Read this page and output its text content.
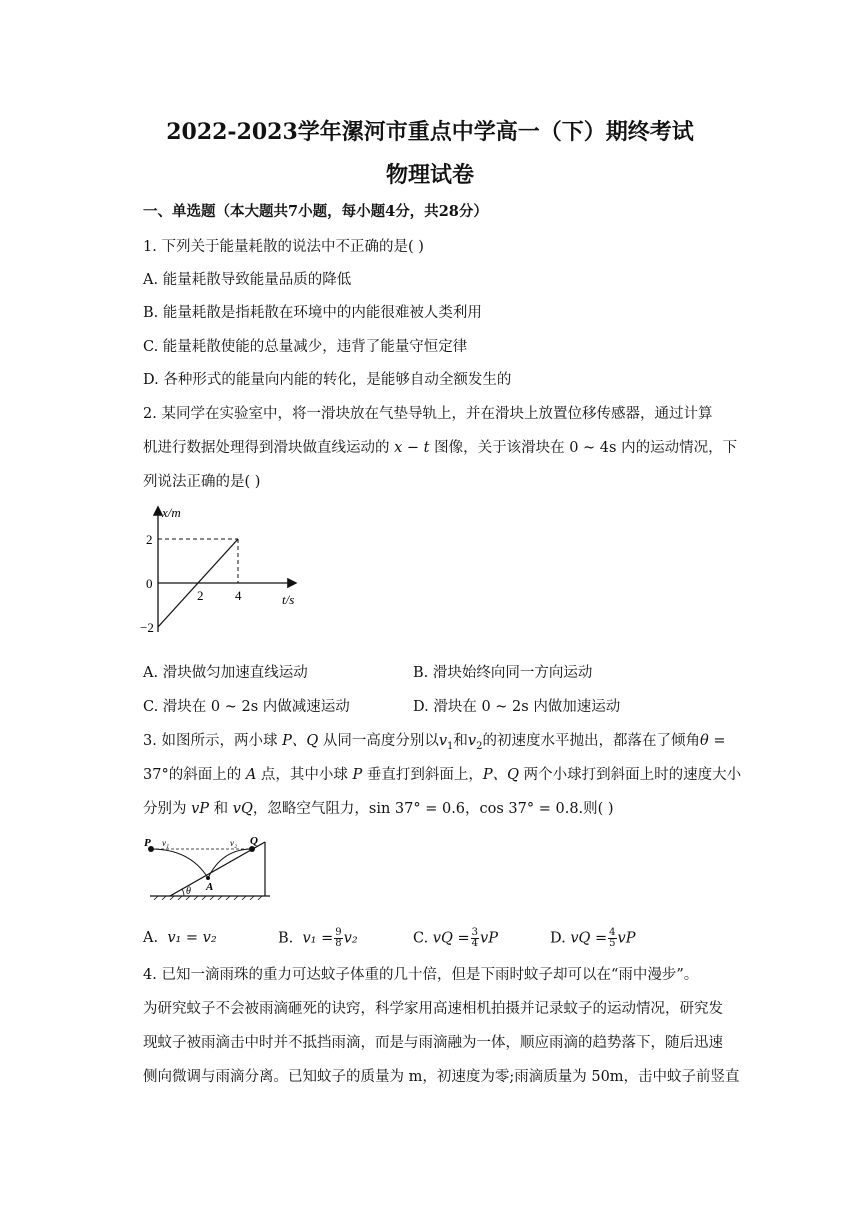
2022-2023学年漯河市重点中学高一（下）期终考试
物理试卷
一、单选题（本大题共7小题，每小题4分，共28分）
1. 下列关于能量耗散的说法中不正确的是( )
A. 能量耗散导致能量品质的降低
B. 能量耗散是指耗散在环境中的内能很难被人类利用
C. 能量耗散使能的总量减少，违背了能量守恒定律
D. 各种形式的能量向内能的转化，是能够自动全额发生的
2. 某同学在实验室中，将一滑块放在气垫导轨上，并在滑块上放置位移传感器，通过计算
机进行数据处理得到滑块做直线运动的 x − t 图像，关于该滑块在 0 ~ 4s 内的运动情况，下
列说法正确的是( )
x/m
t/s
2
0
−2
2 4
A. 滑块做匀加速直线运动	B. 滑块始终向同一方向运动
C. 滑块在 0 ~ 2s 内做减速运动	D. 滑块在 0 ~ 2s 内做加速运动
3. 如图所示，两小球 P、Q 从同一高度分别以$v_1$和$v_2$的初速度水平抛出，都落在了倾角θ =
37°的斜面上的 A 点，其中小球 P 垂直打到斜面上，P、Q 两个小球打到斜面上时的速度大小
分别为 vP 和 vQ，忽略空气阻力，sin 37° = 0.6，cos 37° = 0.8.则( )
P	Q
v₁	v₂
A
θ
A. v₁ = v₂	B. $v_1 = \frac{9}{8} v_2$	C. vQ = $\frac{3}{4}$ vP	D. vQ = $\frac{4}{5}$ vP
4. 已知一滴雨珠的重力可达蚊子体重的几十倍，但是下雨时蚊子却可以在“雨中漫步”。
为研究蚊子不会被雨滴砸死的诀窍，科学家用高速相机拍摄并记录蚊子的运动情况，研究发
现蚊子被雨滴击中时并不抵挡雨滴，而是与雨滴融为一体，顺应雨滴的趋势落下，随后迅速
侧向微调与雨滴分离。已知蚊子的质量为 m，初速度为零;雨滴质量为 50m，击中蚊子前竖直
